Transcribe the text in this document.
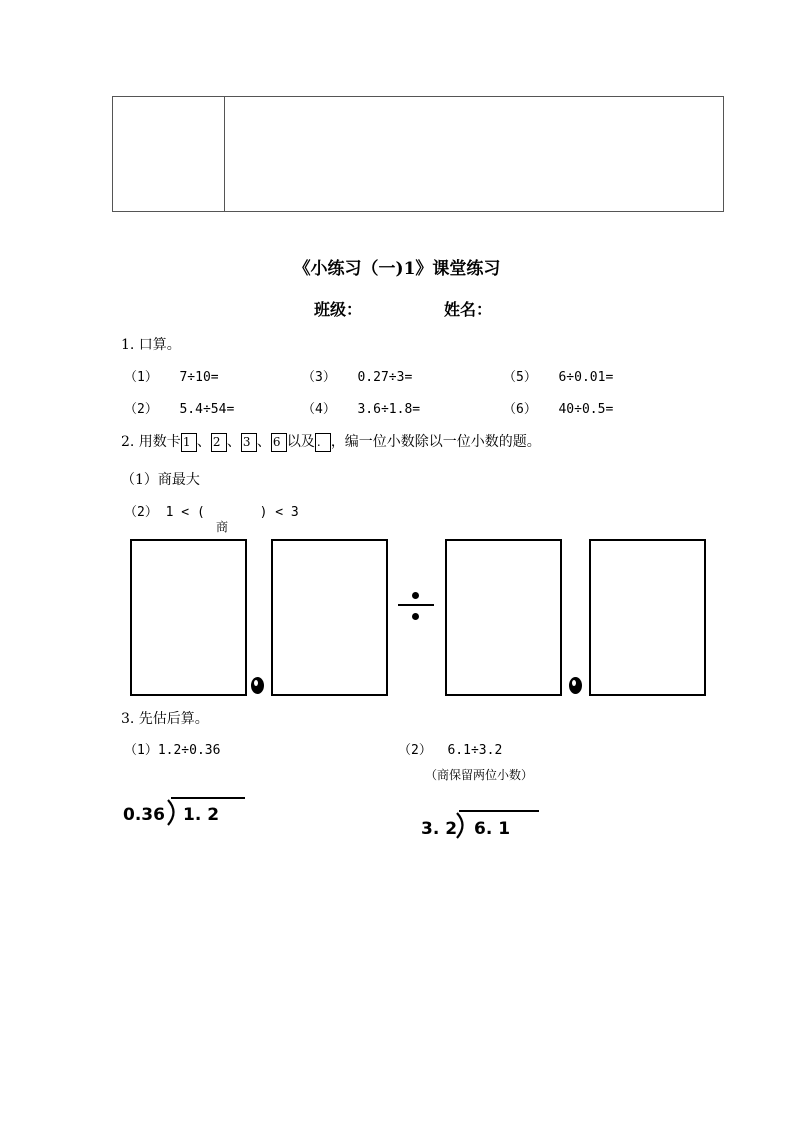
《小练习（一)1》课堂练习
班级：	姓名：
1. 口算。
（1） 7÷10=	（3） 0.27÷3=	（5） 6÷0.01=
（2） 5.4÷54=	（4） 3.6÷1.8=	（6） 40÷0.5=
2. 用数卡 1 、 2 、 3 、 6 以及 . ，编一位小数除以一位小数的题。
（1）商最大
（2） 1 < (       ) < 3
商
3. 先估后算。
（1）1.2÷0.36	（2）  6.1÷3.2
（商保留两位小数）
0.36 1. 2
3. 2 6. 1
